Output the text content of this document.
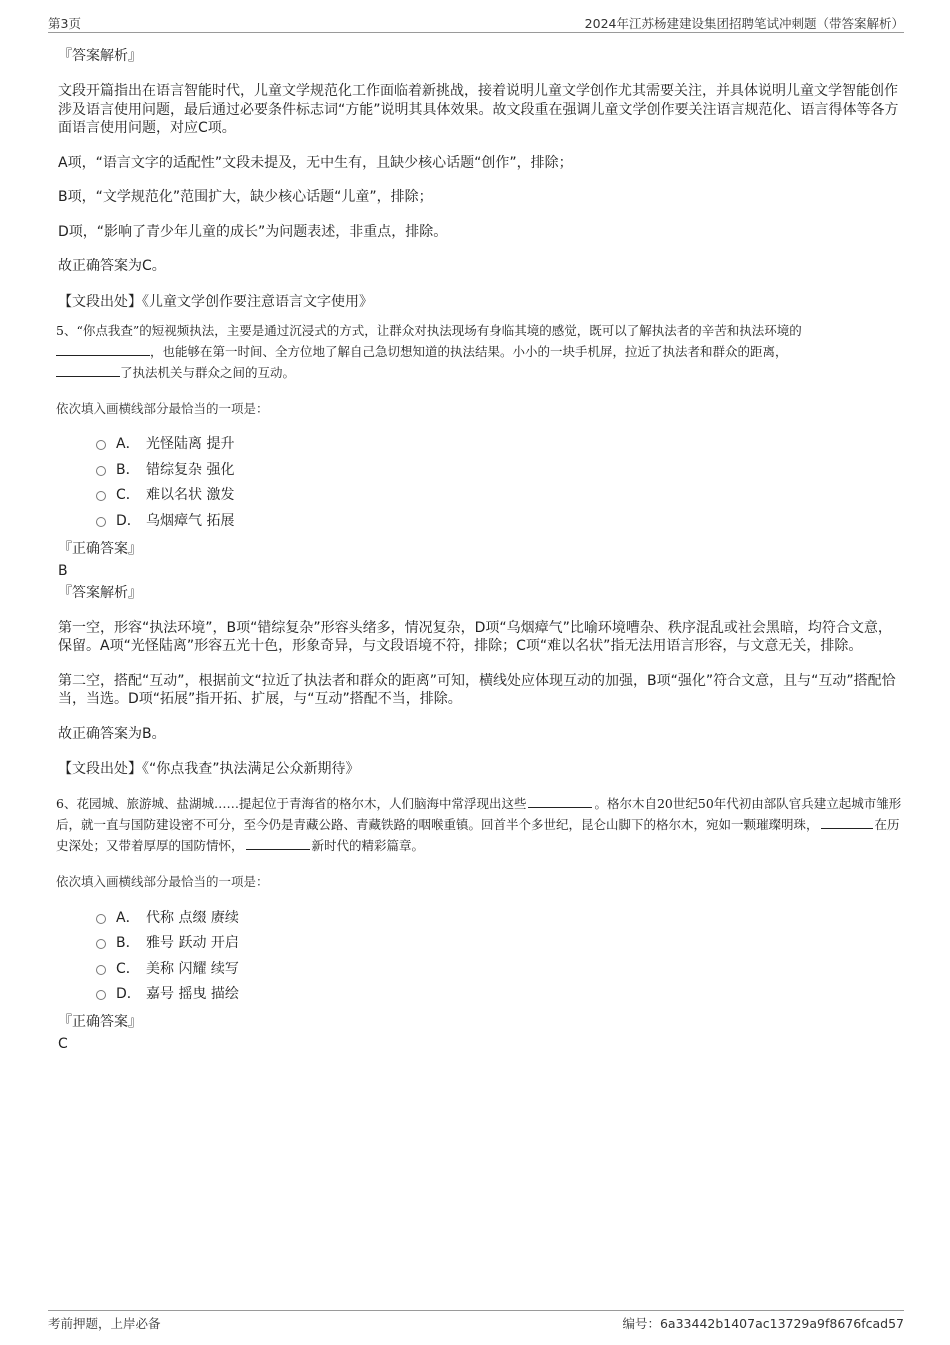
第3页	2024年江苏杨建建设集团招聘笔试冲刺题（带答案解析）
『答案解析』
文段开篇指出在语言智能时代，儿童文学规范化工作面临着新挑战，接着说明儿童文学创作尤其需要关注，并具体说明儿童文学智能创作涉及语言使用问题，最后通过必要条件标志词“方能”说明其具体效果。故文段重在强调儿童文学创作要关注语言规范化、语言得体等各方面语言使用问题，对应C项。
A项，“语言文字的适配性”文段未提及，无中生有，且缺少核心话题“创作”，排除；
B项，“文学规范化”范围扩大，缺少核心话题“儿童”，排除；
D项，“影响了青少年儿童的成长”为问题表述，非重点，排除。
故正确答案为C。
【文段出处】《儿童文学创作要注意语言文字使用》
5、“你点我查”的短视频执法，主要是通过沉浸式的方式，让群众对执法现场有身临其境的感觉，既可以了解执法者的辛苦和执法环境的
，也能够在第一时间、全方位地了解自己急切想知道的执法结果。小小的一块手机屏，拉近了执法者和群众的距离，
了执法机关与群众之间的互动。
依次填入画横线部分最恰当的一项是：
A． 光怪陆离 提升
B． 错综复杂 强化
C． 难以名状 激发
D． 乌烟瘴气 拓展
『正确答案』
B
『答案解析』
第一空，形容“执法环境”，B项“错综复杂”形容头绪多，情况复杂，D项“乌烟瘴气”比喻环境嘈杂、秩序混乱或社会黑暗，均符合文意，保留。A项“光怪陆离”形容五光十色，形象奇异，与文段语境不符，排除；C项“难以名状”指无法用语言形容，与文意无关，排除。
第二空，搭配“互动”，根据前文“拉近了执法者和群众的距离”可知，横线处应体现互动的加强，B项“强化”符合文意，且与“互动”搭配恰当，当选。D项“拓展”指开拓、扩展，与“互动”搭配不当，排除。
故正确答案为B。
【文段出处】《“你点我查”执法满足公众新期待》
6、花园城、旅游城、盐湖城……提起位于青海省的格尔木，人们脑海中常浮现出这些	。格尔木自20世纪50年代初由部队官兵建立起城市雏形后，就一直与国防建设密不可分，至今仍是青藏公路、青藏铁路的咽喉重镇。回首半个多世纪，昆仑山脚下的格尔木，宛如一颗璀璨明珠，	在历史深处；又带着厚厚的国防情怀，	新时代的精彩篇章。
依次填入画横线部分最恰当的一项是：
A． 代称 点缀 赓续
B． 雅号 跃动 开启
C． 美称 闪耀 续写
D． 嘉号 摇曳 描绘
『正确答案』
C
考前押题，上岸必备	编号：6a33442b1407ac13729a9f8676fcad57
